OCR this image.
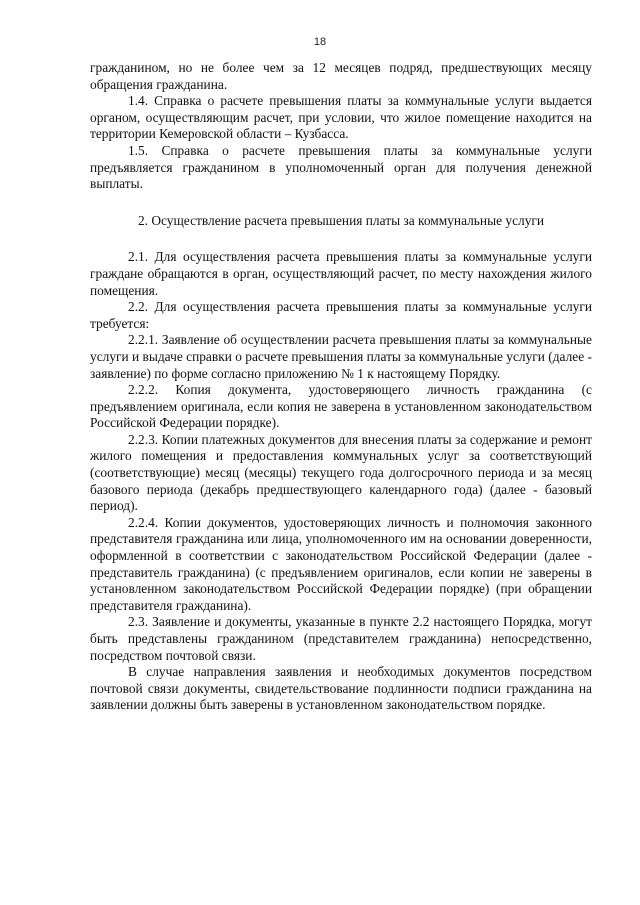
18

гражданином, но не более чем за 12 месяцев подряд, предшествующих месяцу обращения гражданина.

1.4. Справка о расчете превышения платы за коммунальные услуги выдается органом, осуществляющим расчет, при условии, что жилое помещение находится на территории Кемеровской области – Кузбасса.

1.5. Справка о расчете превышения платы за коммунальные услуги предъявляется гражданином в уполномоченный орган для получения денежной выплаты.

2. Осуществление расчета превышения платы за коммунальные услуги

2.1. Для осуществления расчета превышения платы за коммунальные услуги граждане обращаются в орган, осуществляющий расчет, по месту нахождения жилого помещения.

2.2. Для осуществления расчета превышения платы за коммунальные услуги требуется:

2.2.1. Заявление об осуществлении расчета превышения платы за коммунальные услуги и выдаче справки о расчете превышения платы за коммунальные услуги (далее - заявление) по форме согласно приложению № 1 к настоящему Порядку.

2.2.2. Копия документа, удостоверяющего личность гражданина (с предъявлением оригинала, если копия не заверена в установленном законодательством Российской Федерации порядке).

2.2.3. Копии платежных документов для внесения платы за содержание и ремонт жилого помещения и предоставления коммунальных услуг за соответствующий (соответствующие) месяц (месяцы) текущего года долгосрочного периода и за месяц базового периода (декабрь предшествующего календарного года) (далее - базовый период).

2.2.4. Копии документов, удостоверяющих личность и полномочия законного представителя гражданина или лица, уполномоченного им на основании доверенности, оформленной в соответствии с законодательством Российской Федерации (далее - представитель гражданина) (с предъявлением оригиналов, если копии не заверены в установленном законодательством Российской Федерации порядке) (при обращении представителя гражданина).

2.3. Заявление и документы, указанные в пункте 2.2 настоящего Порядка, могут быть представлены гражданином (представителем гражданина) непосредственно, посредством почтовой связи.

В случае направления заявления и необходимых документов посредством почтовой связи документы, свидетельствование подлинности подписи гражданина на заявлении должны быть заверены в установленном законодательством порядке.
